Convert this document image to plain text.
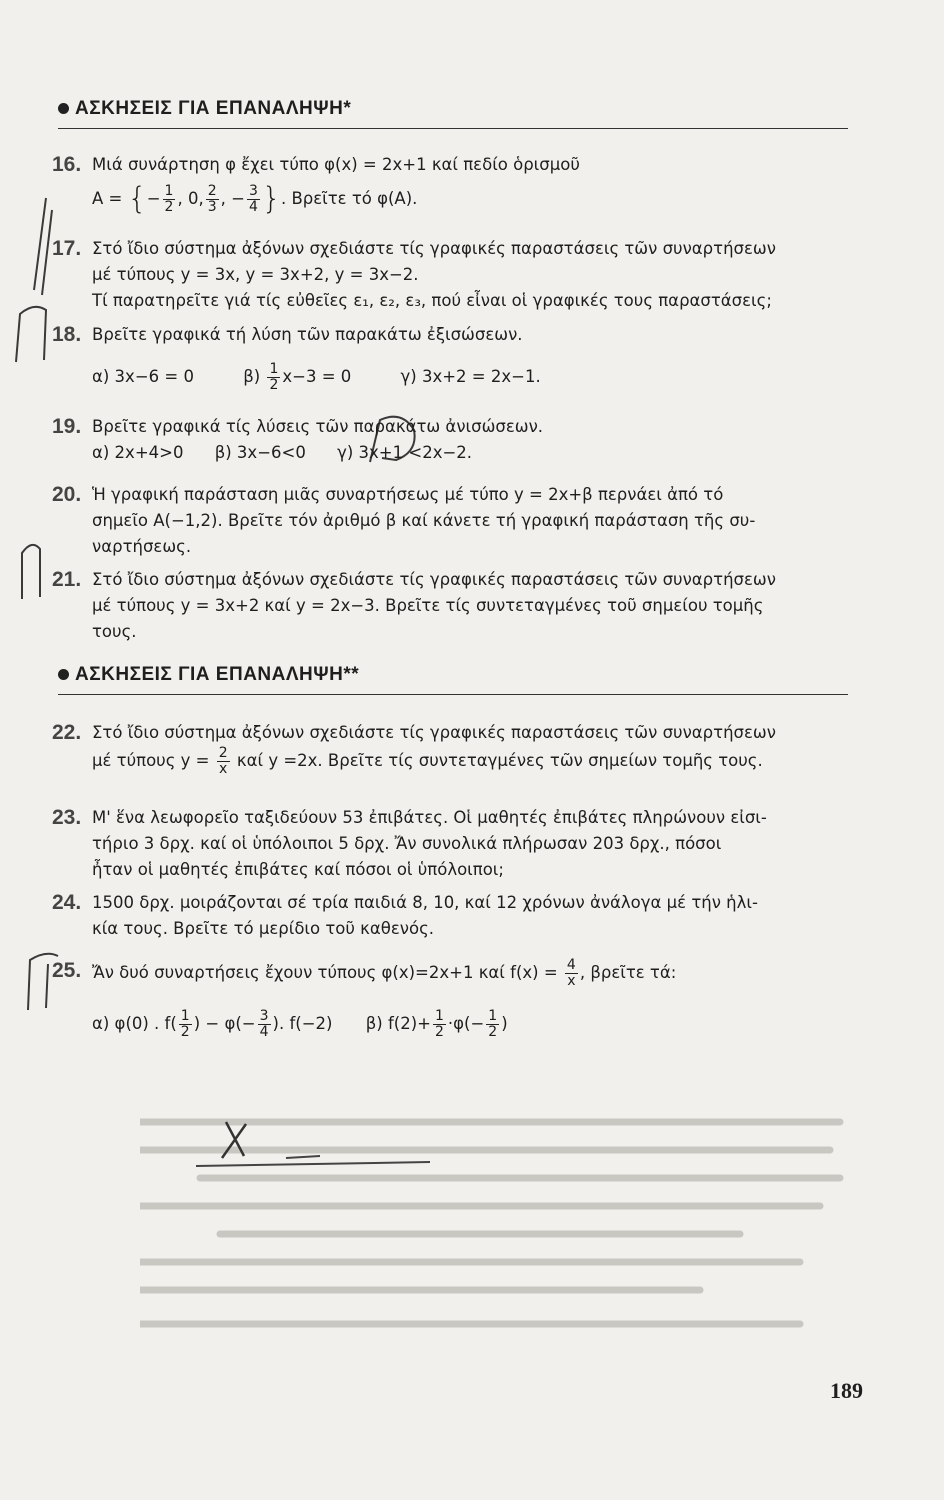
ΑΣΚΗΣΕΙΣ ΓΙΑ ΕΠΑΝΑΛΗΨΗ*
16. Μιά συνάρτηση φ ἔχει τύπο φ(x) = 2x+1 καί πεδίο ὁρισμοῦ
Α = {− $\frac{1}{2}$ , 0, $\frac{2}{3}$ , − $\frac{3}{4}$ }. Βρεῖτε τό φ(Α).
17. Στό ἴδιο σύστημα ἀξόνων σχεδιάστε τίς γραφικές παραστάσεις τῶν συναρτήσεων
μέ τύπους y = 3x, y = 3x+2, y = 3x−2.
Τί παρατηρεῖτε γιά τίς εὐθεῖες ε₁, ε₂, ε₃, πού εἶναι οἱ γραφικές τους παραστάσεις;
18. Βρεῖτε γραφικά τή λύση τῶν παρακάτω ἐξισώσεων.
α) 3x−6 = 0	$\beta) \frac{1}{2} x-3 = 0$	γ) 3x+2 = 2x−1.
19. Βρεῖτε γραφικά τίς λύσεις τῶν παρακάτω ἀνισώσεων.
α) 2x+4>0 β) 3x−6<0 γ) 3x+1 <2x−2.
20. Ἡ γραφική παράσταση μιᾶς συναρτήσεως μέ τύπο y = 2x+β περνάει ἀπό τό
σημεῖο Α(−1,2). Βρεῖτε τόν ἀριθμό β καί κάνετε τή γραφική παράσταση τῆς συ-
ναρτήσεως.
21. Στό ἴδιο σύστημα ἀξόνων σχεδιάστε τίς γραφικές παραστάσεις τῶν συναρτήσεων
μέ τύπους y = 3x+2 καί y = 2x−3. Βρεῖτε τίς συντεταγμένες τοῦ σημείου τομῆς
τους.
ΑΣΚΗΣΕΙΣ ΓΙΑ ΕΠΑΝΑΛΗΨΗ**
22. Στό ἴδιο σύστημα ἀξόνων σχεδιάστε τίς γραφικές παραστάσεις τῶν συναρτήσεων
μέ τύπους $y = \frac{2}{x}$ καί y =2x. Βρεῖτε τίς συντεταγμένες τῶν σημείων τομῆς τους.
23. Μ' ἕνα λεωφορεῖο ταξιδεύουν 53 ἐπιβάτες. Οἱ μαθητές ἐπιβάτες πληρώνουν εἰσι-
τήριο 3 δρχ. καί οἱ ὑπόλοιποι 5 δρχ. Ἄν συνολικά πλήρωσαν 203 δρχ., πόσοι
ἦταν οἱ μαθητές ἐπιβάτες καί πόσοι οἱ ὑπόλοιποι;
24. 1500 δρχ. μοιράζονται σέ τρία παιδιά 8, 10, καί 12 χρόνων ἀνάλογα μέ τήν ἡλι-
κία τους. Βρεῖτε τό μερίδιο τοῦ καθενός.
25. Ἄν δυό συναρτήσεις ἔχουν τύπους φ(x)=2x+1 καί $f(x) = \frac{4}{x}$ , βρεῖτε τά:
α) φ(0) . $f( \frac{1}{2}$ ) − $\varphi(- \frac{3}{4}$ ). f(−2) β) $f(2)+ \frac{1}{2} \cdot\varphi(- \frac{1}{2}$ )
189
